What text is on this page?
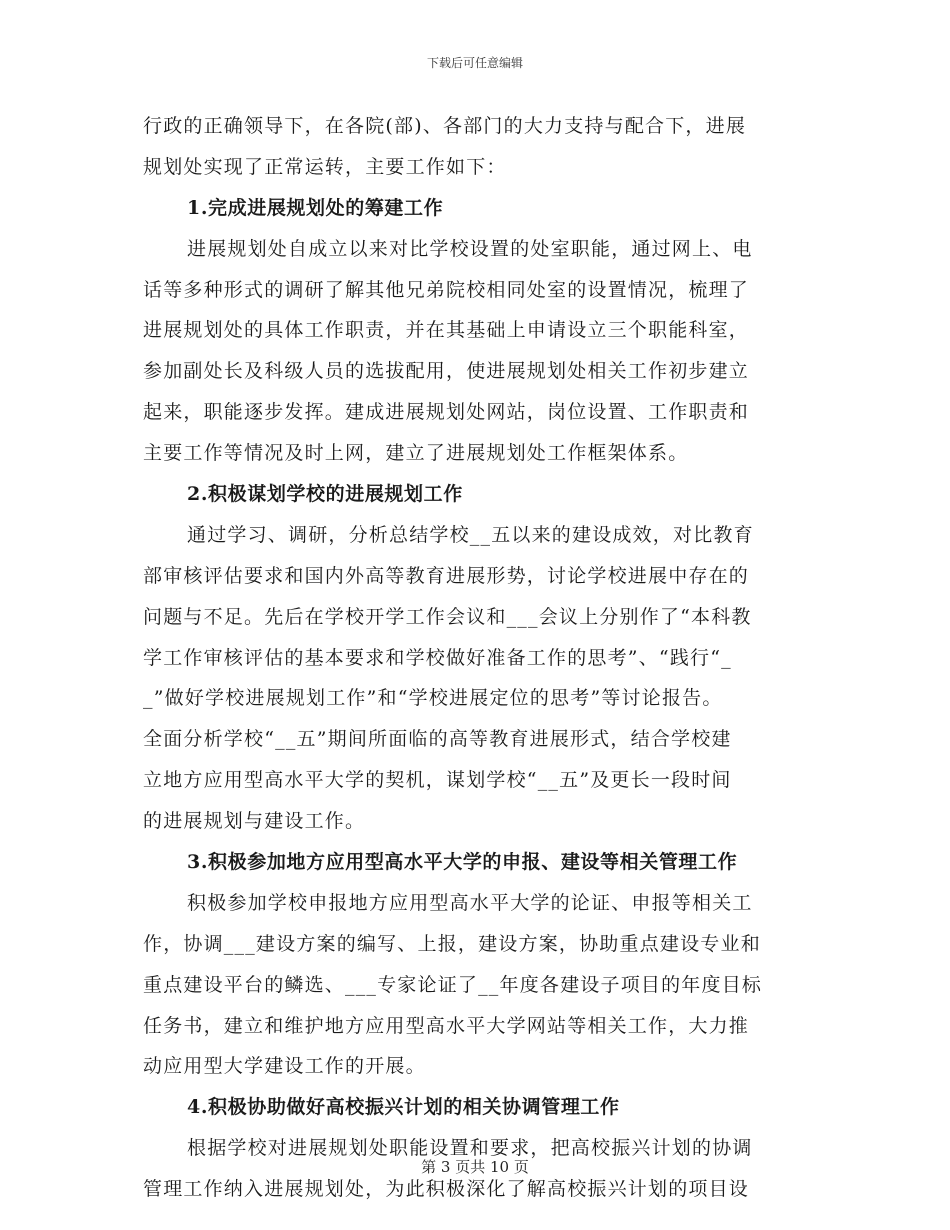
下载后可任意编辑
行政的正确领导下，在各院(部)、各部门的大力支持与配合下，进展
规划处实现了正常运转，主要工作如下：
1.完成进展规划处的筹建工作
进展规划处自成立以来对比学校设置的处室职能，通过网上、电
话等多种形式的调研了解其他兄弟院校相同处室的设置情况，梳理了
进展规划处的具体工作职责，并在其基础上申请设立三个职能科室，
参加副处长及科级人员的选拔配用，使进展规划处相关工作初步建立
起来，职能逐步发挥。建成进展规划处网站，岗位设置、工作职责和
主要工作等情况及时上网，建立了进展规划处工作框架体系。
2.积极谋划学校的进展规划工作
通过学习、调研，分析总结学校__五以来的建设成效，对比教育
部审核评估要求和国内外高等教育进展形势，讨论学校进展中存在的
问题与不足。先后在学校开学工作会议和___会议上分别作了“本科教
学工作审核评估的基本要求和学校做好准备工作的思考”、“践行“_
_”做好学校进展规划工作”和“学校进展定位的思考”等讨论报告。
全面分析学校“__五”期间所面临的高等教育进展形式，结合学校建
立地方应用型高水平大学的契机，谋划学校“__五”及更长一段时间
的进展规划与建设工作。
3.积极参加地方应用型高水平大学的申报、建设等相关管理工作
积极参加学校申报地方应用型高水平大学的论证、申报等相关工
作，协调___建设方案的编写、上报，建设方案，协助重点建设专业和
重点建设平台的鳞选、___专家论证了__年度各建设子项目的年度目标
任务书，建立和维护地方应用型高水平大学网站等相关工作，大力推
动应用型大学建设工作的开展。
4.积极协助做好高校振兴计划的相关协调管理工作
根据学校对进展规划处职能设置和要求，把高校振兴计划的协调
管理工作纳入进展规划处，为此积极深化了解高校振兴计划的项目设
第 3 页共 10 页
